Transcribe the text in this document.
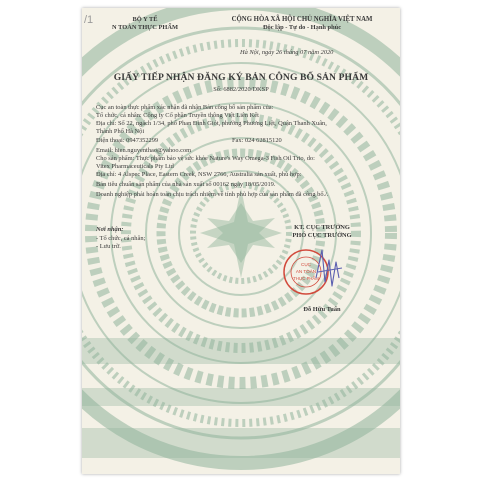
BỘ Y TẾ
N TOÀN THỰC PHẨM
CỘNG HÒA XÃ HỘI CHỦ NGHĨA VIỆT NAM
Độc lập - Tự do - Hạnh phúc
Hà Nội, ngày 26 tháng 07 năm 2020
GIẤY TIẾP NHẬN ĐĂNG KÝ BẢN CÔNG BỐ SẢN PHẨM
Số: 6882/2020/DKSP
Cục an toàn thực phẩm xác nhận đã nhận Bản công bố sản phẩm của:
Tổ chức, cá nhân: Công ty Cổ phần Truyền thông Việt Liên Kết
Địa chỉ: Số 22, ngách 1/34, phố Phan Đình Giót, phường Phương Liệt, Quận Thanh Xuân,
Thành Phố Hà Nội
Điện thoại: 0947352299	Fax: 024 62815120
Email: hien.nguyenthao@yahoo.com
Cho sản phẩm: Thực phẩm bảo vệ sức khỏe Nature's Way Omega-3 Fish Oil Trio, do:
Vitex Pharmaceuticals Pty Ltd
Địa chỉ: 4 Alspec Place, Eastern Creek, NSW 2766, Australia sản xuất, phù hợp:
Bản tiêu chuẩn sản phẩm của nhà sản xuất số 00162 ngày 18/05/2019.
Doanh nghiệp phải hoàn toàn chịu trách nhiệm về tính phù hợp của sản phẩm đã công bố./.
Nơi nhận:
- Tổ chức, cá nhân;
- Lưu trữ.
KT. CỤC TRƯỞNG
PHÓ CỤC TRƯỞNG
CỤC
AN TOÀN
THỰC PHẨM
Đỗ Hữu Tuấn
/1
